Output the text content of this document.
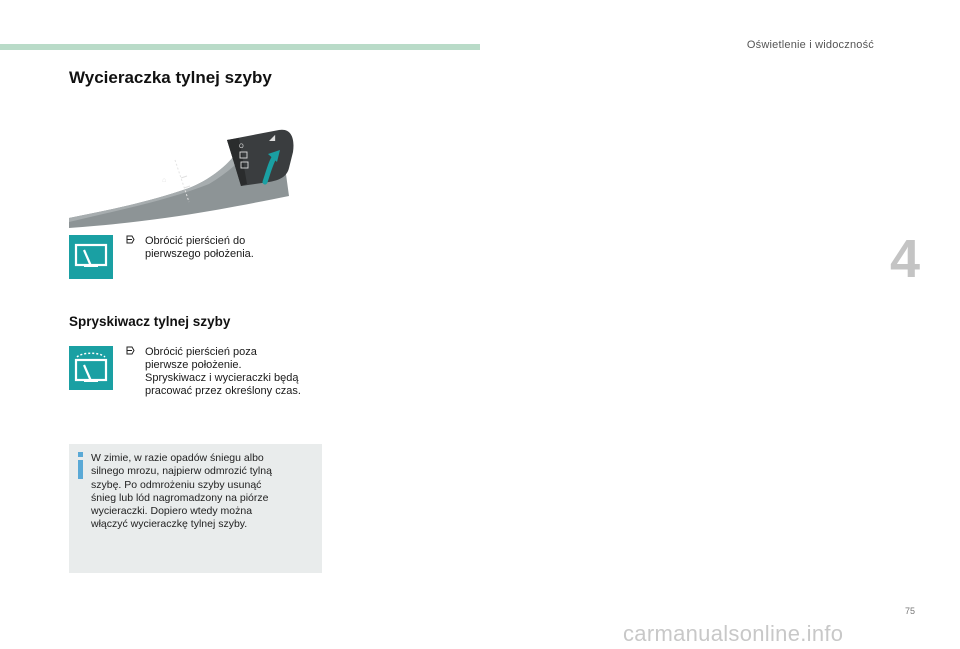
Oświetlenie i widoczność
4
Wycieraczka tylnej szyby
⌂
O
◢
Obrócić pierścień do
pierwszego położenia.
Spryskiwacz tylnej szyby
Obrócić pierścień poza
pierwsze położenie.
Spryskiwacz i wycieraczki będą
pracować przez określony czas.
W zimie, w razie opadów śniegu albo
silnego mrozu, najpierw odmrozić tylną
szybę. Po odmrożeniu szyby usunąć
śnieg lub lód nagromadzony na piórze
wycieraczki. Dopiero wtedy można
włączyć wycieraczkę tylnej szyby.
75
carmanualsonline.info
